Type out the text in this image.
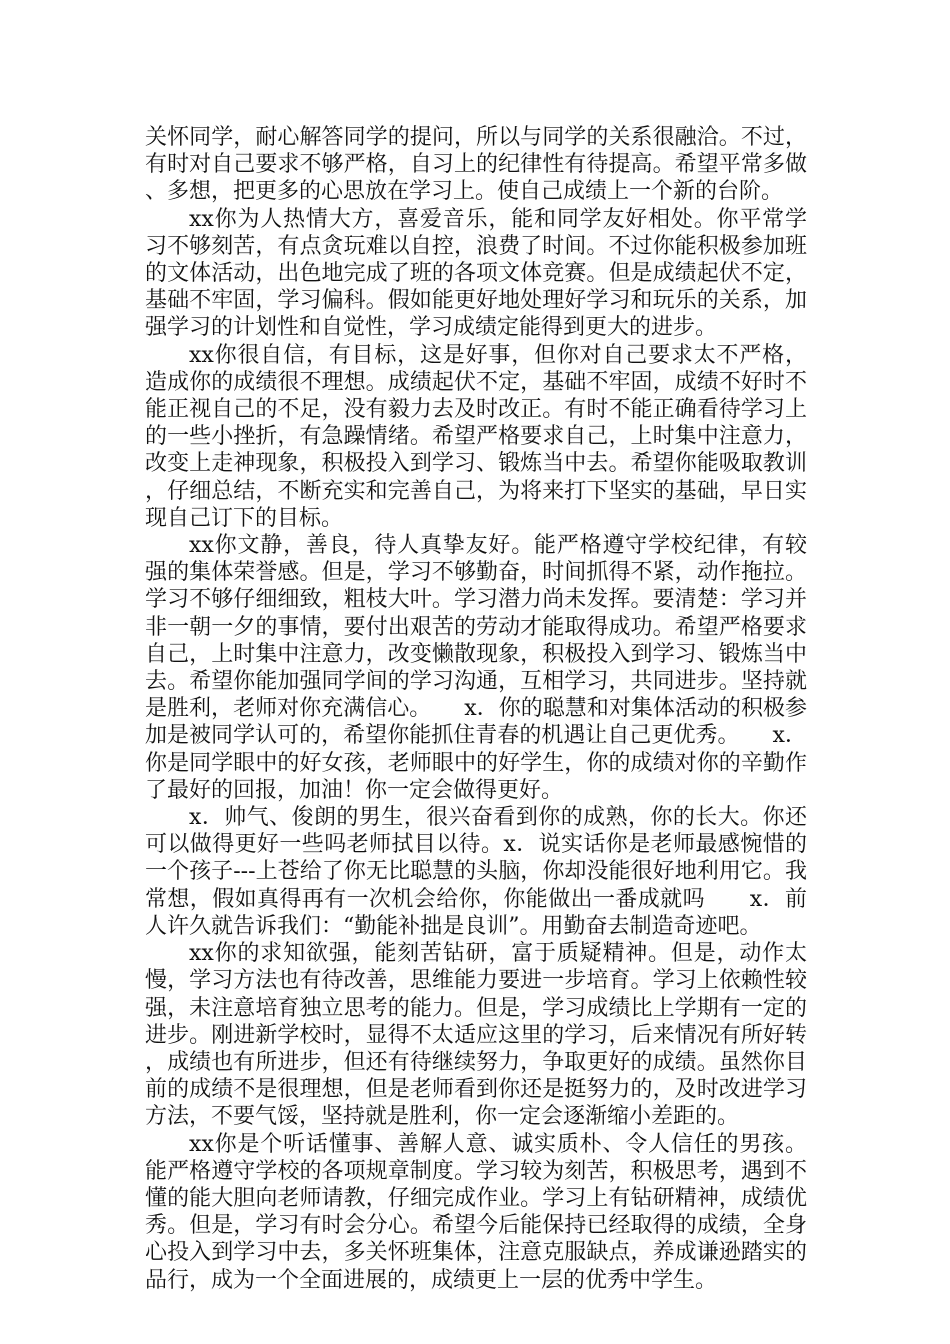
关怀同学，耐心解答同学的提问，所以与同学的关系很融洽。不过，有时对自己要求不够严格，自习上的纪律性有待提高。希望平常多做、多想，把更多的心思放在学习上。使自己成绩上一个新的台阶。

xx你为人热情大方，喜爱音乐，能和同学友好相处。你平常学习不够刻苦，有点贪玩难以自控，浪费了时间。不过你能积极参加班的文体活动，出色地完成了班的各项文体竞赛。但是成绩起伏不定，基础不牢固，学习偏科。假如能更好地处理好学习和玩乐的关系，加强学习的计划性和自觉性，学习成绩定能得到更大的进步。

xx你很自信，有目标，这是好事，但你对自己要求太不严格，造成你的成绩很不理想。成绩起伏不定，基础不牢固，成绩不好时不能正视自己的不足，没有毅力去及时改正。有时不能正确看待学习上的一些小挫折，有急躁情绪。希望严格要求自己，上时集中注意力，改变上走神现象，积极投入到学习、锻炼当中去。希望你能吸取教训，仔细总结，不断充实和完善自己，为将来打下坚实的基础，早日实现自己订下的目标。

xx你文静，善良，待人真挚友好。能严格遵守学校纪律，有较强的集体荣誉感。但是，学习不够勤奋，时间抓得不紧，动作拖拉。学习不够仔细细致，粗枝大叶。学习潜力尚未发挥。要清楚：学习并非一朝一夕的事情，要付出艰苦的劳动才能取得成功。希望严格要求自己，上时集中注意力，改变懒散现象，积极投入到学习、锻炼当中去。希望你能加强同学间的学习沟通，互相学习，共同进步。坚持就是胜利，老师对你充满信心。　　x．你的聪慧和对集体活动的积极参加是被同学认可的，希望你能抓住青春的机遇让自己更优秀。　　x．你是同学眼中的好女孩，老师眼中的好学生，你的成绩对你的辛勤作了最好的回报，加油！你一定会做得更好。

x．帅气、俊朗的男生，很兴奋看到你的成熟，你的长大。你还可以做得更好一些吗老师拭目以待。x．说实话你是老师最感惋惜的一个孩子---上苍给了你无比聪慧的头脑，你却没能很好地利用它。我常想，假如真得再有一次机会给你，你能做出一番成就吗　　x．前人许久就告诉我们：“勤能补拙是良训”。用勤奋去制造奇迹吧。

xx你的求知欲强，能刻苦钻研，富于质疑精神。但是，动作太慢，学习方法也有待改善，思维能力要进一步培育。学习上依赖性较强，未注意培育独立思考的能力。但是，学习成绩比上学期有一定的进步。刚进新学校时，显得不太适应这里的学习，后来情况有所好转，成绩也有所进步，但还有待继续努力，争取更好的成绩。虽然你目前的成绩不是很理想，但是老师看到你还是挺努力的，及时改进学习方法，不要气馁，坚持就是胜利，你一定会逐渐缩小差距的。

xx你是个听话懂事、善解人意、诚实质朴、令人信任的男孩。能严格遵守学校的各项规章制度。学习较为刻苦，积极思考，遇到不懂的能大胆向老师请教，仔细完成作业。学习上有钻研精神，成绩优秀。但是，学习有时会分心。希望今后能保持已经取得的成绩，全身心投入到学习中去，多关怀班集体，注意克服缺点，养成谦逊踏实的品行，成为一个全面进展的，成绩更上一层的优秀中学生。
